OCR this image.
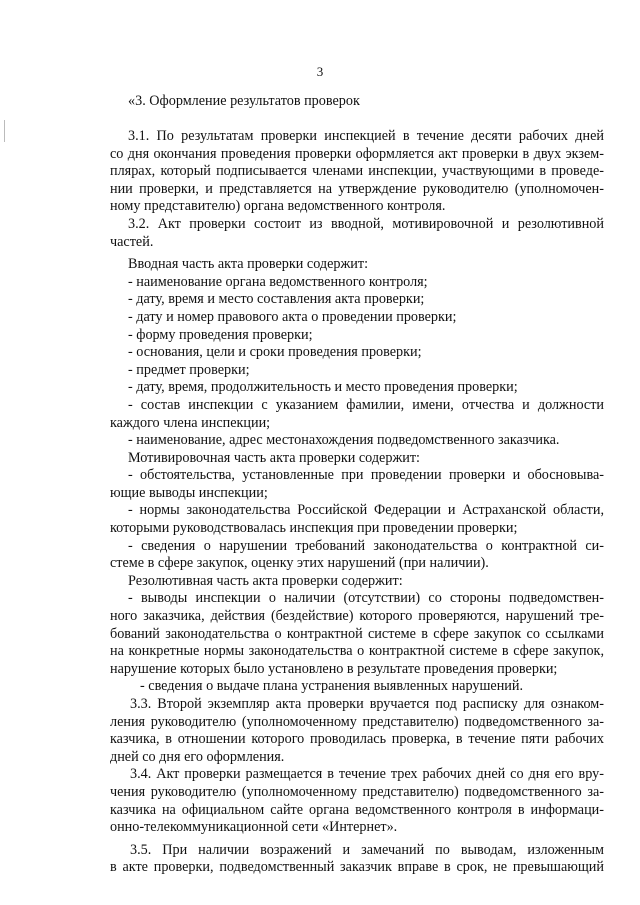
3
«3. Оформление результатов проверок

3.1. По результатам проверки инспекцией в течение десяти рабочих дней

со дня окончания проведения проверки оформляется акт проверки в двух экзем-

плярах, который подписывается членами инспекции, участвующими в проведе-

нии проверки, и представляется на утверждение руководителю (уполномочен-

ному представителю) органа ведомственного контроля.

3.2. Акт проверки состоит из вводной, мотивировочной и резолютивной

частей.

Вводная часть акта проверки содержит:

- наименование органа ведомственного контроля;

- дату, время и место составления акта проверки;

- дату и номер правового акта о проведении проверки;

- форму проведения проверки;

- основания, цели и сроки проведения проверки;

- предмет проверки;

- дату, время, продолжительность и место проведения проверки;

- состав инспекции с указанием фамилии, имени, отчества и должности

каждого члена инспекции;

- наименование, адрес местонахождения подведомственного заказчика.

Мотивировочная часть акта проверки содержит:

- обстоятельства, установленные при проведении проверки и обосновыва-

ющие выводы инспекции;

- нормы законодательства Российской Федерации и Астраханской области,

которыми руководствовалась инспекция при проведении проверки;

- сведения о нарушении требований законодательства о контрактной си-

стеме в сфере закупок, оценку этих нарушений (при наличии).

Резолютивная часть акта проверки содержит:

- выводы инспекции о наличии (отсутствии) со стороны подведомствен-

ного заказчика, действия (бездействие) которого проверяются, нарушений тре-

бований законодательства о контрактной системе в сфере закупок со ссылками

на конкретные нормы законодательства о контрактной системе в сфере закупок,

нарушение которых было установлено в результате проведения проверки;

- сведения о выдаче плана устранения выявленных нарушений.

3.3. Второй экземпляр акта проверки вручается под расписку для ознаком-

ления руководителю (уполномоченному представителю) подведомственного за-

казчика, в отношении которого проводилась проверка, в течение пяти рабочих

дней со дня его оформления.

3.4. Акт проверки размещается в течение трех рабочих дней со дня его вру-

чения руководителю (уполномоченному представителю) подведомственного за-

казчика на официальном сайте органа ведомственного контроля в информаци-

онно-телекоммуникационной сети «Интернет».

3.5. При наличии возражений и замечаний по выводам, изложенным

в акте проверки, подведомственный заказчик вправе в срок, не превышающий
